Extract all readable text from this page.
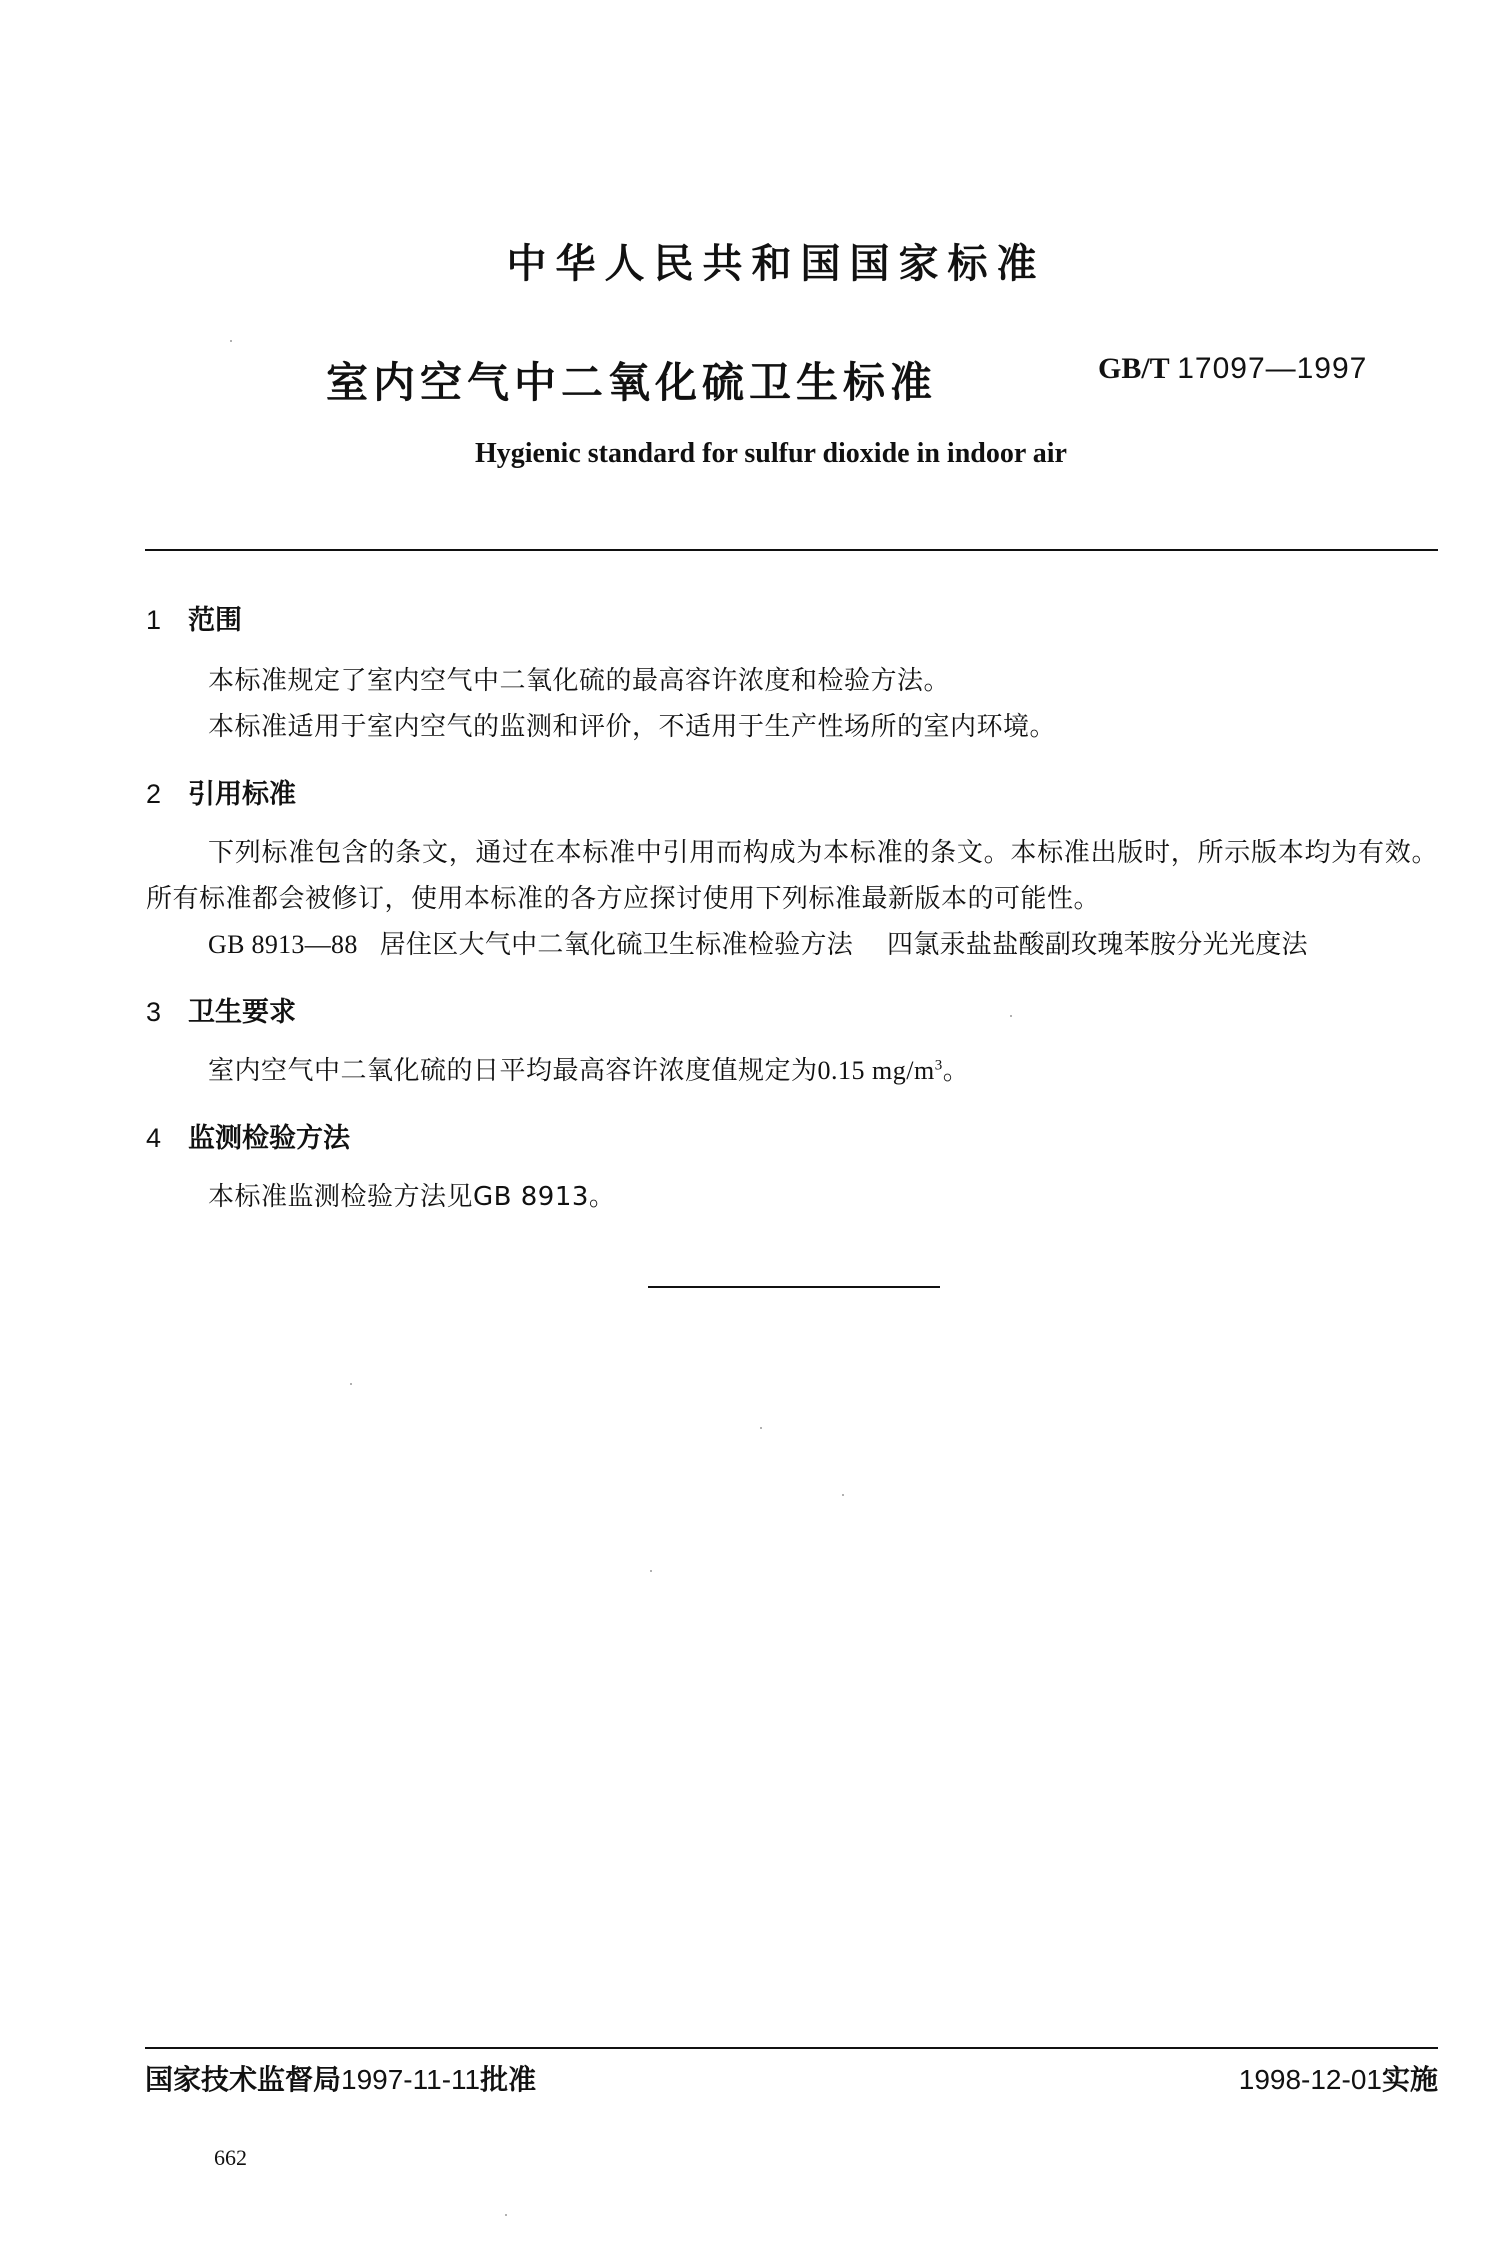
中华人民共和国国家标准
室内空气中二氧化硫卫生标准	GB/T 17097—1997
Hygienic standard for sulfur dioxide in indoor air
1 范围
本标准规定了室内空气中二氧化硫的最高容许浓度和检验方法。
本标准适用于室内空气的监测和评价，不适用于生产性场所的室内环境。
2 引用标准
下列标准包含的条文，通过在本标准中引用而构成为本标准的条文。本标准出版时，所示版本均为有效。所有标准都会被修订，使用本标准的各方应探讨使用下列标准最新版本的可能性。
GB 8913—88 居住区大气中二氧化硫卫生标准检验方法 四氯汞盐盐酸副玫瑰苯胺分光光度法
3 卫生要求
室内空气中二氧化硫的日平均最高容许浓度值规定为0.15 $mg/m^3$。
4 监测检验方法
本标准监测检验方法见GB 8913。
国家技术监督局1997-11-11批准	1998-12-01实施
662
